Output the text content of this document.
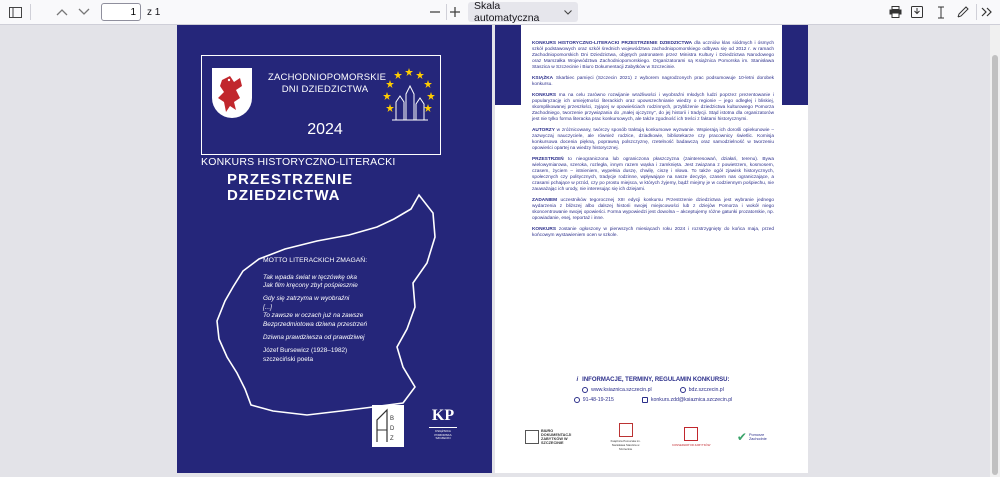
1
z 1	Skala automatyczna
ZACHODNIOPOMORSKIE
DNI DZIEDZICTWA
2024
KONKURS HISTORYCZNO-LITERACKI
PRZESTRZENIE
DZIEDZICTWA

MOTTO LITERACKICH ZMAGAŃ:

Tak wpada świat w tęczówkę oka

Jak film kręcony zbyt pośpiesznie

Gdy się zatrzyma w wyobraźni
[...]
To zawsze w oczach już na zawsze

Bezprzedmiotowa dziwna przestrzeń

Dziwna prawdziwsza od prawdziwej

Józef Bursewicz (1928–1982)
szczeciński poeta
B
D
Z
KP
KSIĄŻNICA POMORSKA SZCZECIN

KONKURS HISTORYCZNO-LITERACKI PRZESTRZENIE DZIEDZICTWA dla uczniów klas siódmych i ósmych szkół podstawowych oraz szkół średnich województwa zachodniopomorskiego odbywa się od 2012 r. w ramach Zachodniopomorskich Dni Dziedzictwa, objętych patronatem przez Ministra Kultury i Dziedzictwa Narodowego oraz Marszałka Województwa Zachodniopomorskiego. Organizatorami są Książnica Pomorska im. Stanisława Staszica w Szczecinie i Biuro Dokumentacji Zabytków w Szczecinie.

KSIĄŻKA Skarbiec pamięci (Szczecin 2021) z wyborem nagrodzonych prac podsumowuje 10-letni dorobek konkursu.

KONKURS ma na celu zarówno rozwijanie wrażliwości i wyobraźni młodych ludzi poprzez prezentowanie i popularyzację ich umiejętności literackich oraz upowszechnianie wiedzy o regionie – jego odległej i bliskiej, skomplikowanej przeszłości, zyjącej w opowieściach rodzinnych, przybliżenie dziedzictwa kulturowego Pomorza Zachodniego, tworzenie przywiązania do „małej ojczyzny", do jej historii i tradycji. Stąd istotna dla organizatorów jest nie tylko forma literacka prac konkursowych, ale także zgodność ich treści z faktami historycznymi.

AUTORZY w zróżnicowany, twórczy sposób traktują konkursowe wyzwanie. Wspierają ich dorośli opiekunowie – zazwyczaj nauczyciele, ale również rodzice, dziadkowie, bibliotekarze czy pracownicy świetlic. Komisja konkursowa docenia piękną, poprawną polszczyznę, rzetelność badawczą oraz samodzielność w tworzeniu opowieści opartej na wiedzy historycznej.

PRZESTRZEŃ to nieograniczona lub ograniczona płaszczyzna (zainteresowań, działań, terenu). Bywa wielowymiarowa, szeroka, rozległa, innym razem wąska i zamknięta. Jest związana z powietrzem, kosmosem, czasem, życiem – istnieniem, wypełnia duszę, chwilę, ciszę i słowa. To także ogół zjawisk historycznych, społecznych czy politycznych, tradycje rodzinne, wpływające na nasze decyzje, czasem nas ograniczające, a czasami pchające w przód, czy po prostu miejsca, w których żyjemy, bądź miejmy je w codziennym pośpiechu, nie zauważając ich urody, nie interesując się ich dziejami.

ZADANIEM uczestników tegorocznej XIII edycji konkursu Przestrzenie dziedzictwa jest wybranie jednego wydarzenia z bliższej albo dalszej historii swojej miejscowości lub z dziejów Pomorza i wokół niego skoncentrowanie swojej opowieści. Forma wypowiedzi jest dowolna – akceptujemy różne gatunki prozatorskie, np. opowiadanie, esej, reportaż i inne.

KONKURS zostanie ogłoszony w pierwszych miesiącach roku 2024 i rozstrzygnięty do końca maja, przed końcowym wystawieniem ocen w szkole.

i INFORMACJE, TERMINY, REGULAMIN KONKURSU:
www.ksiaznica.szczecin.pl	bdz.szczecin.pl
91-48-19-215	konkurs.zdd@ksiaznica.szczecin.pl
BIURO DOKUMENTACJI ZABYTKÓW W SZCZECINIE	Książnica Pomorska im. Stanisława Staszica w Szczecinie
KONSERWATOR ZABYTKÓW
✔ Pomorze Zachodnie
